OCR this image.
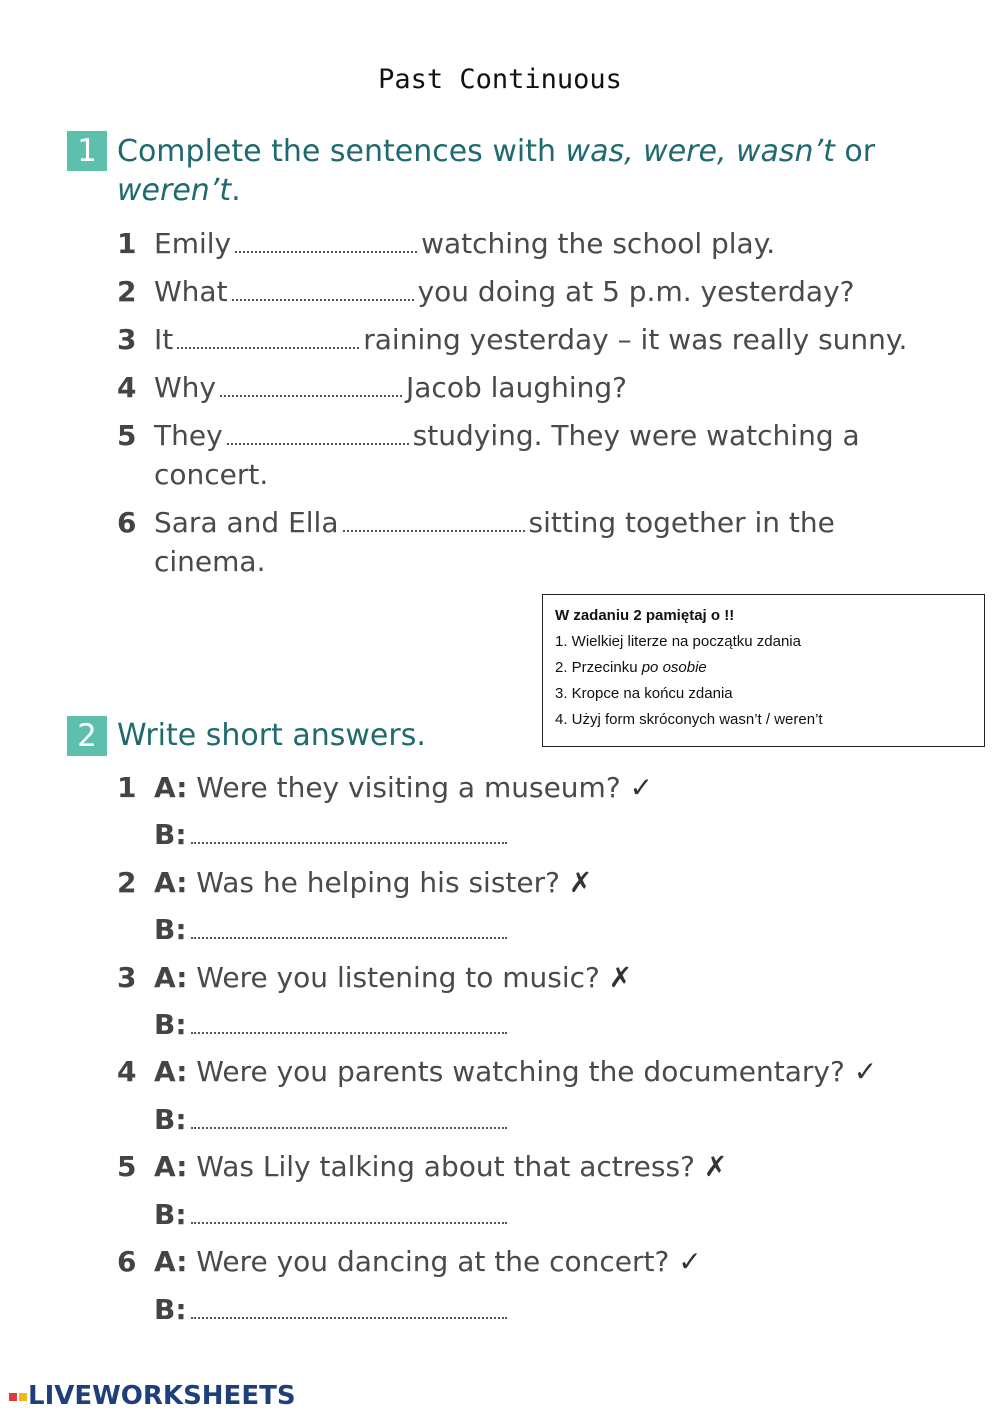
Past Continuous
1 Complete the sentences with was, were, wasn’t or
weren’t.
1 Emily	watching the school play.
2 What	you doing at 5 p.m. yesterday?
3 It	raining yesterday – it was really sunny.
4 Why	Jacob laughing?
5 They	studying. They were watching a
concert.
6 Sara and Ella	sitting together in the
cinema.
W zadaniu 2 pamiętaj o !!
1. Wielkiej literze na początku zdania
2. Przecinku po osobie
3. Kropce na końcu zdania
4. Użyj form skróconych wasn’t / weren’t
2 Write short answers.
1 A: Were they visiting a museum? ✓
B:
2 A: Was he helping his sister? ✗
B:
3 A: Were you listening to music? ✗
B:
4 A: Were you parents watching the documentary? ✓
B:
5 A: Was Lily talking about that actress? ✗
B:
6 A: Were you dancing at the concert? ✓
B:
LIVEWORKSHEETS
